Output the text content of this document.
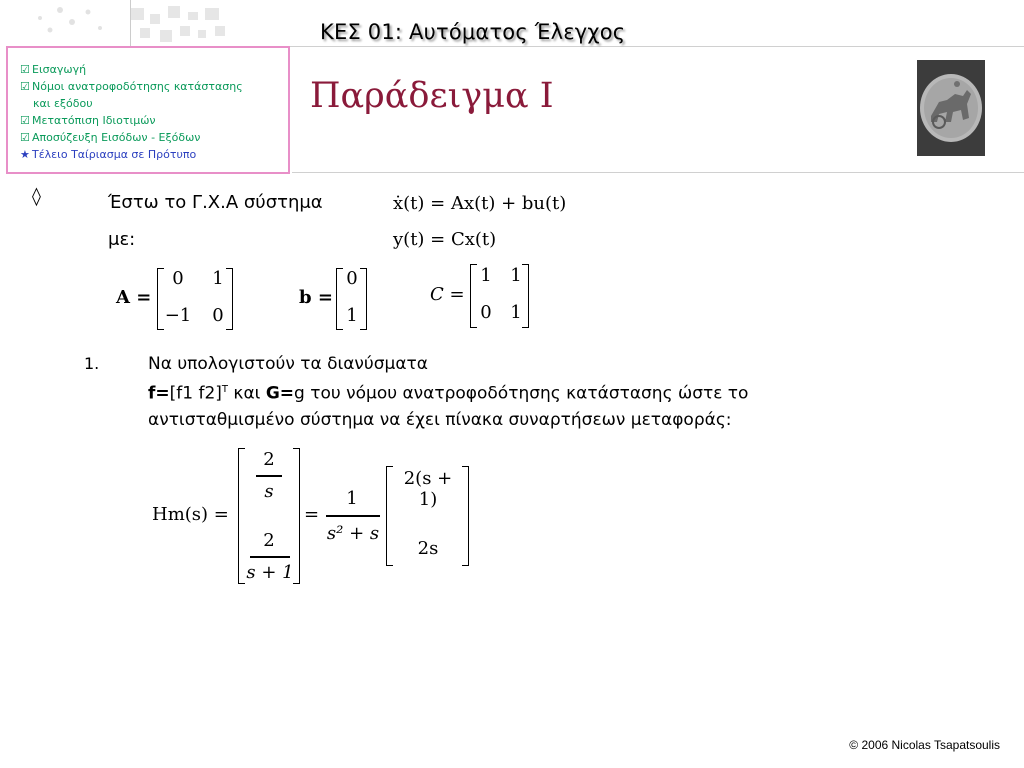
ΚΕΣ 01: Αυτόματος Έλεγχος
☑ Εισαγωγή
☑ Νόμοι ανατροφοδότησης κατάστασης
και εξόδου
☑ Μετατόπιση Ιδιοτιμών
☑ Αποσύζευξη Εισόδων - Εξόδων
★ Τέλειο Ταίριασμα σε Πρότυπο
Παράδειγμα Ι
◊	Έστω το Γ.Χ.Α σύστημα
με:
ẋ(t) = Ax(t) + bu(t)
y(t) = Cx(t)
A =
0	1
−1	0
b =
0
1
C =
1	1
0	1
1.	Να υπολογιστούν τα διανύσματα
f=[f1 f2]$^T$ και G=g του νόμου ανατροφοδότησης κατάστασης ώστε το
αντισταθμισμένο σύστημα να έχει πίνακα συναρτήσεων μεταφοράς:
Hm(s) =
2
s
2
s + 1
=
1
s² + s
2(s + 1)
2s
© 2006 Nicolas Tsapatsoulis
